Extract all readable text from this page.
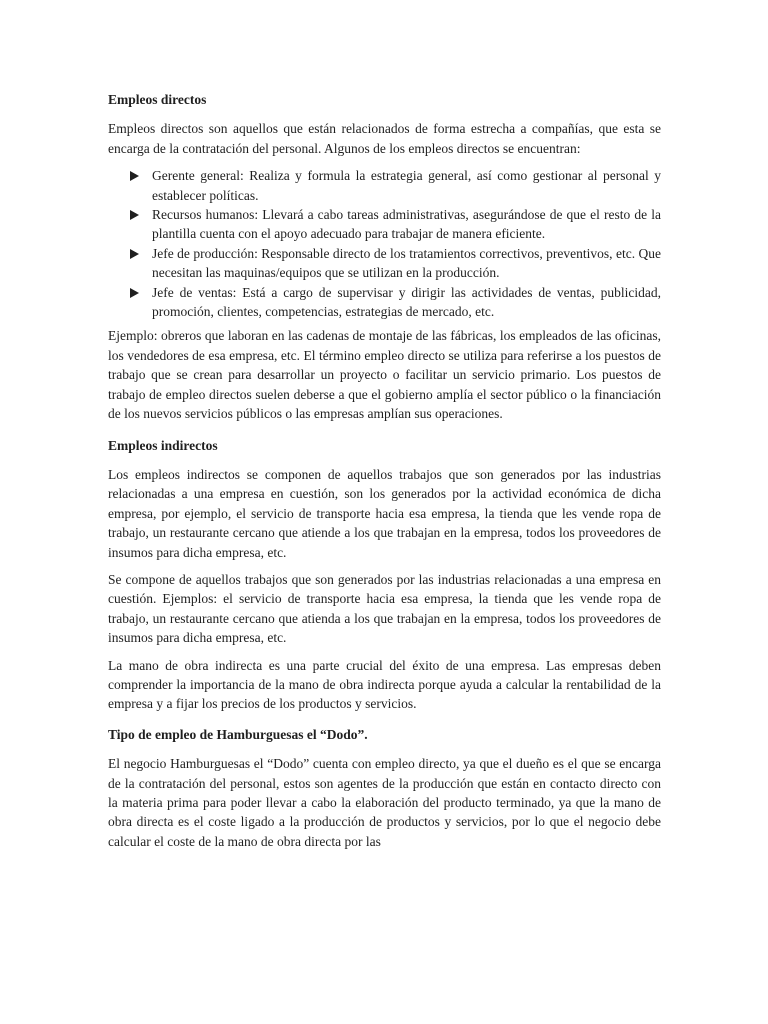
Empleos directos

Empleos directos son aquellos que están relacionados de forma estrecha a compañías, que esta se encarga de la contratación del personal. Algunos de los empleos directos se encuentran:

Gerente general: Realiza y formula la estrategia general, así como gestionar al personal y establecer políticas.
Recursos humanos: Llevará a cabo tareas administrativas, asegurándose de que el resto de la plantilla cuenta con el apoyo adecuado para trabajar de manera eficiente.
Jefe de producción: Responsable directo de los tratamientos correctivos, preventivos, etc. Que necesitan las maquinas/equipos que se utilizan en la producción.
Jefe de ventas: Está a cargo de supervisar y dirigir las actividades de ventas, publicidad, promoción, clientes, competencias, estrategias de mercado, etc.

Ejemplo: obreros que laboran en las cadenas de montaje de las fábricas, los empleados de las oficinas, los vendedores de esa empresa, etc. El término empleo directo se utiliza para referirse a los puestos de trabajo que se crean para desarrollar un proyecto o facilitar un servicio primario. Los puestos de trabajo de empleo directos suelen deberse a que el gobierno amplía el sector público o la financiación de los nuevos servicios públicos o las empresas amplían sus operaciones.

Empleos indirectos

Los empleos indirectos se componen de aquellos trabajos que son generados por las industrias relacionadas a una empresa en cuestión, son los generados por la actividad económica de dicha empresa, por ejemplo, el servicio de transporte hacia esa empresa, la tienda que les vende ropa de trabajo, un restaurante cercano que atiende a los que trabajan en la empresa, todos los proveedores de insumos para dicha empresa, etc.

Se compone de aquellos trabajos que son generados por las industrias relacionadas a una empresa en cuestión. Ejemplos: el servicio de transporte hacia esa empresa, la tienda que les vende ropa de trabajo, un restaurante cercano que atienda a los que trabajan en la empresa, todos los proveedores de insumos para dicha empresa, etc.

La mano de obra indirecta es una parte crucial del éxito de una empresa. Las empresas deben comprender la importancia de la mano de obra indirecta porque ayuda a calcular la rentabilidad de la empresa y a fijar los precios de los productos y servicios.

Tipo de empleo de Hamburguesas el “Dodo”.

El negocio Hamburguesas el “Dodo” cuenta con empleo directo, ya que el dueño es el que se encarga de la contratación del personal, estos son agentes de la producción que están en contacto directo con la materia prima para poder llevar a cabo la elaboración del producto terminado, ya que la mano de obra directa es el coste ligado a la producción de productos y servicios, por lo que el negocio debe calcular el coste de la mano de obra directa por las
